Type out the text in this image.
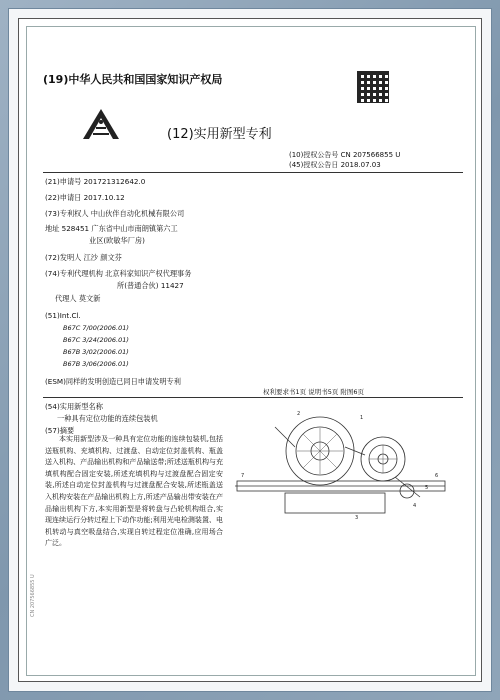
(19)中华人民共和国国家知识产权局
(12)实用新型专利
(10)授权公告号 CN 207566855 U
(45)授权公告日 2018.07.03
(21)申请号 201721312642.0
(22)申请日 2017.10.12
(73)专利权人 中山伙伴自动化机械有限公司
地址 528451 广东省中山市南朗镇第六工
业区(欧敏华厂房)
(72)发明人 江沙 颜文芬
(74)专利代理机构 北京科家知识产权代理事务
所(普通合伙) 11427
代理人 莫文新
(51)Int.Cl.
B67C 7/00(2006.01)
B67C 3/24(2006.01)
B67B 3/02(2006.01)
B67B 3/06(2006.01)
(ESM)同样的发明创造已同日申请发明专利
权利要求书1页 说明书5页 附图6页
(54)实用新型名称
一种具有定位功能的连续包装机
(57)摘要
本实用新型涉及一种具有定位功能的连续包装机,包括送瓶机构、充填机构、过渡盘、自动定位封盖机构、瓶盖送入机构、产品输出机构和产品输送带;所述送瓶机构与充填机构配合固定安装,所述充填机构与过渡盘配合固定安装,所述自动定位封盖机构与过渡盘配合安装,所述瓶盖送入机构安装在产品输出机构上方,所述产品输出带安装在产品输出机构下方,本实用新型是将转盘与凸轮机构组合,实现连续运行分转过程上下动作功能;利用光电检测装置、电机转动与真空吸盘结合,实现自转过程定位准确,应用场合广泛。
2
1
6
5
4
3
7
CN 207566855 U
